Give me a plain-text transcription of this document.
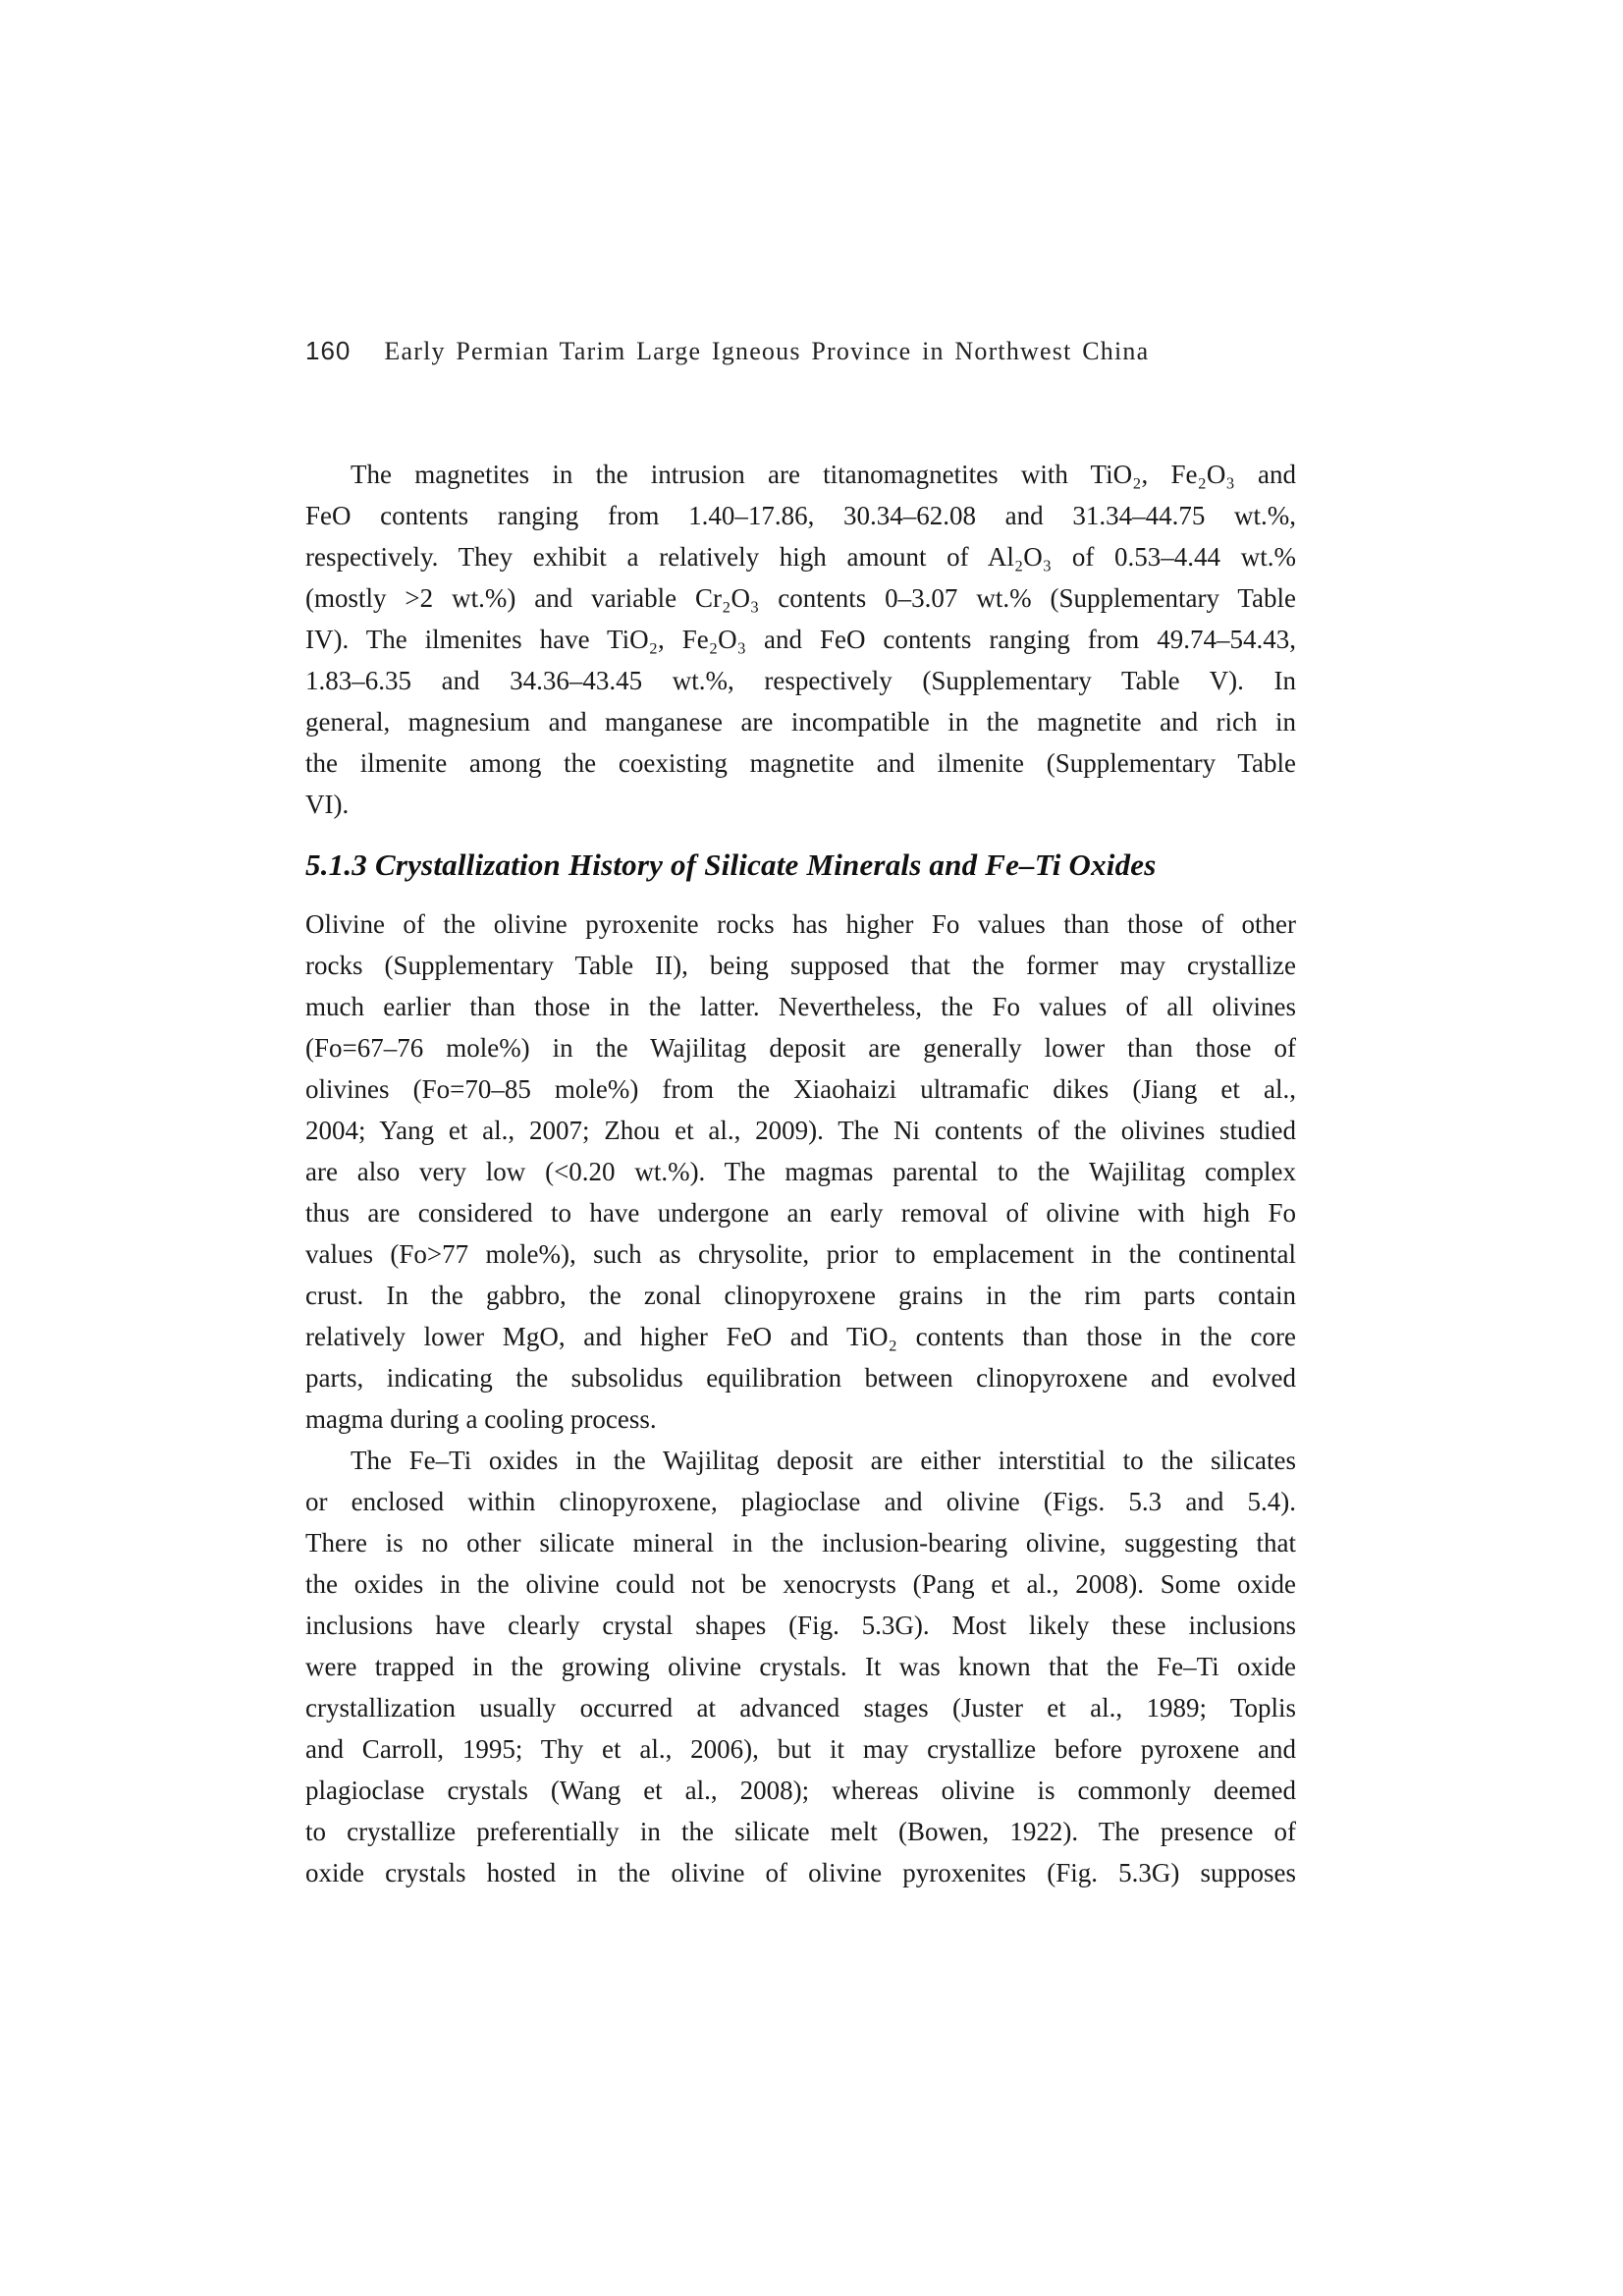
160 Early Permian Tarim Large Igneous Province in Northwest China
The magnetites in the intrusion are titanomagnetites with TiO₂, Fe₂O₃ and
FeO contents ranging from 1.40–17.86, 30.34–62.08 and 31.34–44.75 wt.%,
respectively. They exhibit a relatively high amount of Al₂O₃ of 0.53–4.44 wt.%
(mostly >2 wt.%) and variable Cr₂O₃ contents 0–3.07 wt.% (Supplementary Table
IV). The ilmenites have TiO₂, Fe₂O₃ and FeO contents ranging from 49.74–54.43,
1.83–6.35 and 34.36–43.45 wt.%, respectively (Supplementary Table V). In
general, magnesium and manganese are incompatible in the magnetite and rich in
the ilmenite among the coexisting magnetite and ilmenite (Supplementary Table
VI).
5.1.3 Crystallization History of Silicate Minerals and Fe–Ti Oxides
Olivine of the olivine pyroxenite rocks has higher Fo values than those of other
rocks (Supplementary Table II), being supposed that the former may crystallize
much earlier than those in the latter. Nevertheless, the Fo values of all olivines
(Fo=67–76 mole%) in the Wajilitag deposit are generally lower than those of
olivines (Fo=70–85 mole%) from the Xiaohaizi ultramafic dikes (Jiang et al.,
2004; Yang et al., 2007; Zhou et al., 2009). The Ni contents of the olivines studied
are also very low (<0.20 wt.%). The magmas parental to the Wajilitag complex
thus are considered to have undergone an early removal of olivine with high Fo
values (Fo>77 mole%), such as chrysolite, prior to emplacement in the continental
crust. In the gabbro, the zonal clinopyroxene grains in the rim parts contain
relatively lower MgO, and higher FeO and TiO₂ contents than those in the core
parts, indicating the subsolidus equilibration between clinopyroxene and evolved
magma during a cooling process.
The Fe–Ti oxides in the Wajilitag deposit are either interstitial to the silicates
or enclosed within clinopyroxene, plagioclase and olivine (Figs. 5.3 and 5.4).
There is no other silicate mineral in the inclusion-bearing olivine, suggesting that
the oxides in the olivine could not be xenocrysts (Pang et al., 2008). Some oxide
inclusions have clearly crystal shapes (Fig. 5.3G). Most likely these inclusions
were trapped in the growing olivine crystals. It was known that the Fe–Ti oxide
crystallization usually occurred at advanced stages (Juster et al., 1989; Toplis
and Carroll, 1995; Thy et al., 2006), but it may crystallize before pyroxene and
plagioclase crystals (Wang et al., 2008); whereas olivine is commonly deemed
to crystallize preferentially in the silicate melt (Bowen, 1922). The presence of
oxide crystals hosted in the olivine of olivine pyroxenites (Fig. 5.3G) supposes
